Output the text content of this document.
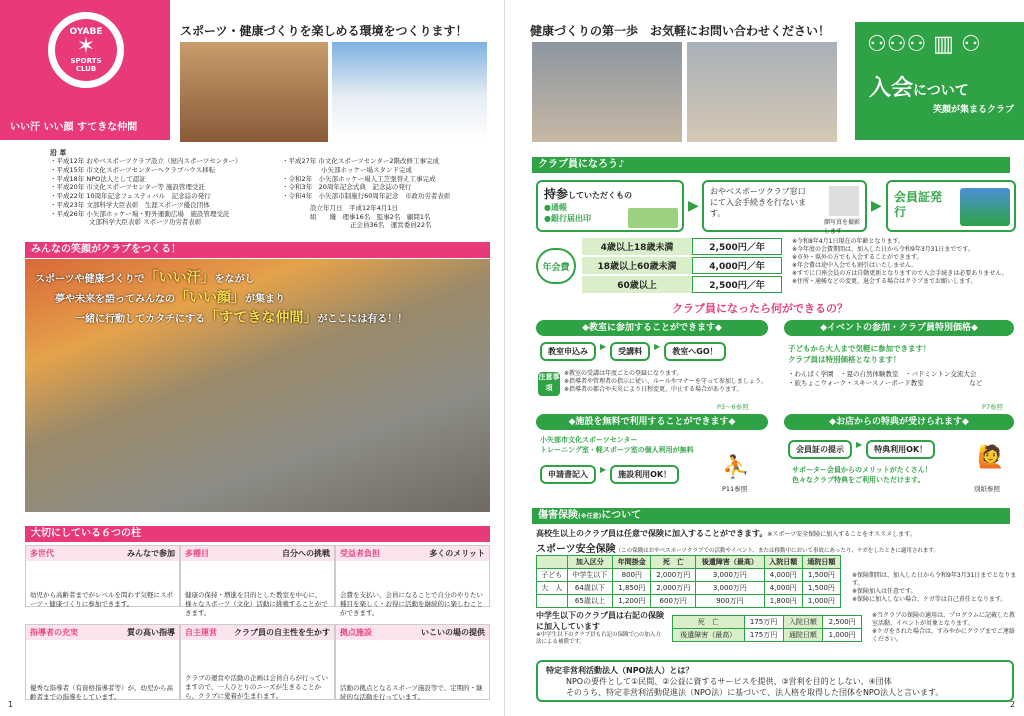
OYABE
✶
SPORTS
CLUB
いい汗 いい顔 すてきな仲間
スポーツ・健康づくりを楽しめる環境をつくります！
沿 革
・平成12年 おやベスポーツクラブ設立（屋内スポーツセンター）
・平成15年 市文化スポーツセンターへクラブハウス移転
・平成18年 NPO法人として認証
・平成20年 市文化スポーツセンター等 施設管理受託
・平成22年 10周年記念フェスティバル　記念誌の発行
・平成23年 文部科学大臣表彰　生涯スポーツ優良団体
・平成26年 小矢部ホッケー場・野外運動広場　施設管理受託
　　　　　　文部科学大臣表彰 スポーツ功労者表彰
・平成27年 市文化スポーツセンター2階改修工事完成
　　　　　　小矢部ホッケー場スタンド完成
・令和2年　小矢部ホッケー場人工芝張替え工事完成
・令和3年　20周年記念式典　記念誌の発行
・令和4年　小矢部市制施行60周年記念　市政功労者表彰
設立年月日　平成12年4月1日
組　　織　理事16名　監事2名　顧問1名
正会員36名　運営委員22名
みんなの笑顔がクラブをつくる！
スポーツや健康づくりで「いい汗」をながし
夢や未来を語ってみんなの「いい顔」が集まり
一緒に行動してカタチにする「すてきな仲間」がここには有る！！
大切にしている６つの柱
多世代	みんなで参加
幼児から高齢者までがレベルを問わず気軽にスポーツ・健康づくりに参加できます。
多種目	自分への挑戦
健康の保持・増進を目的とした教室を中心に、様々なスポーツ（文化）活動に挑戦することができます。
受益者負担	多くのメリット
会費を支払い、会員になることで自分のやりたい種目を楽しく・お得に活動を継続的に楽しむことができます。
指導者の充実	質の高い指導
優秀な指導者（有資格指導者等）が、幼児から高齢者までの指導をしています。
自主運営 クラブ員の自主性を生かす
クラブの運営や活動の企画は会員自らが行っていますので、一人ひとりのニーズが生きることから、クラブに愛着が生まれます。
拠点施設	いこいの場の提供
活動の拠点となるスポーツ施設等で、定期的・継続的な活動を行っています。
1
健康づくりの第一歩　お気軽にお問い合わせください！
⚇⚇⚇ ▥ ⚇
入会について
笑顔が集まるクラブ
クラブ員になろう♪
持参していただくもの
●通帳
●銀行届出印
▶
おやベスポーツクラブ窓口にて入会手続きを行ないます。
顔写真を撮影します
▶
会員証発行
年会費
4歳以上18歳未満	2,500円／年
18歳以上60歳未満	4,000円／年
60歳以上	2,500円／年
※令和8年4月1日現在の年齢となります。
※今年度の会費期間は、加入した日から令和9年3月31日までです。
※市外・県外の方でも入会することができます。
※年会費は途中入会でも割引はいたしません。
※すでに口座会員の方は自動更新となりますので入会手続きは必要ありません。
※住所・通帳などの変更、退会する場合はクラブまでお願いします。
クラブ員になったら何ができるの？
◆教室に参加することができます◆
教室申込み
▶
受講料
▶
教室へGO！
注意事項
※教室の受講は年度ごとの登録になります。
※指導者や管理者の指示に従い、ルールやマナーを守って参加しましょう。
※指導者の都合や天災により日程変更、中止する場合があります。
P3～6参照
◆イベントの参加・クラブ員特別価格◆
子どもから大人まで気軽に参加できます！
クラブ員は特別価格となります！
・わんぱく学園　・夏の自然体験教室　・バドミントン交流大会
・旅ちょこウォーク・スキースノーボード教室　　　　　　　など
P7参照
◆施設を無料で利用することができます◆
小矢部市文化スポーツセンター
トレーニング室・軽スポーツ室の個人利用が無料
申請書記入
▶
施設利用OK！	⛹
P11参照
◆お店からの特典が受けられます◆
会員証の提示
▶
特典利用OK！
サポーター会員からのメリットがたくさん！
色々なクラブ特典をご利用いただけます。
🙋
別紙参照
傷害保険(※任意)について
高校生以上のクラブ員は任意で保険に加入することができます。※スポーツ安全保険に加入することをオススメします。
スポーツ安全保険（この保険はおやベスポーツクラブでの活動やイベント、または移動中において事故にあったり、ケガをしたときに適用されます。
	加入区分	年間掛金	死　亡	後遺障害（最高）	入院日額	通院日額
子ども	中学生以下	800円	2,000万円	3,000万円	4,000円	1,500円
大　人	64歳以下	1,850円	2,000万円	3,000万円	4,000円	1,500円
	65歳以上	1,200円	600万円	900万円	1,800円	1,000円
※保険期間は、加入した日から令和9年3月31日までとなります。
※保険加入は任意です。
※保険に加入しない場合、ケガ等は自己責任となります。
中学生以下のクラブ員は右記の保険に加入しています
※中学生以下のクラブ員も右記の保険で○の加入方法による補償です。
死　亡	175万円	入院日額	2,500円
後遺障害（最高）	175万円	通院日額	1,000円
※当クラブの保険の適用は、プログラムに記載した教室活動、イベントが対象となります。
※ケガをされた場合は、すみやかにクラブまでご連絡ください。
特定非営利活動法人（NPO法人）とは？
NPOの要件として①民間、②公益に資するサービスを提供、③営利を目的としない、④団体
そのうち、特定非営利活動促進法（NPO法）に基づいて、法人格を取得した団体をNPO法人と言います。
2
